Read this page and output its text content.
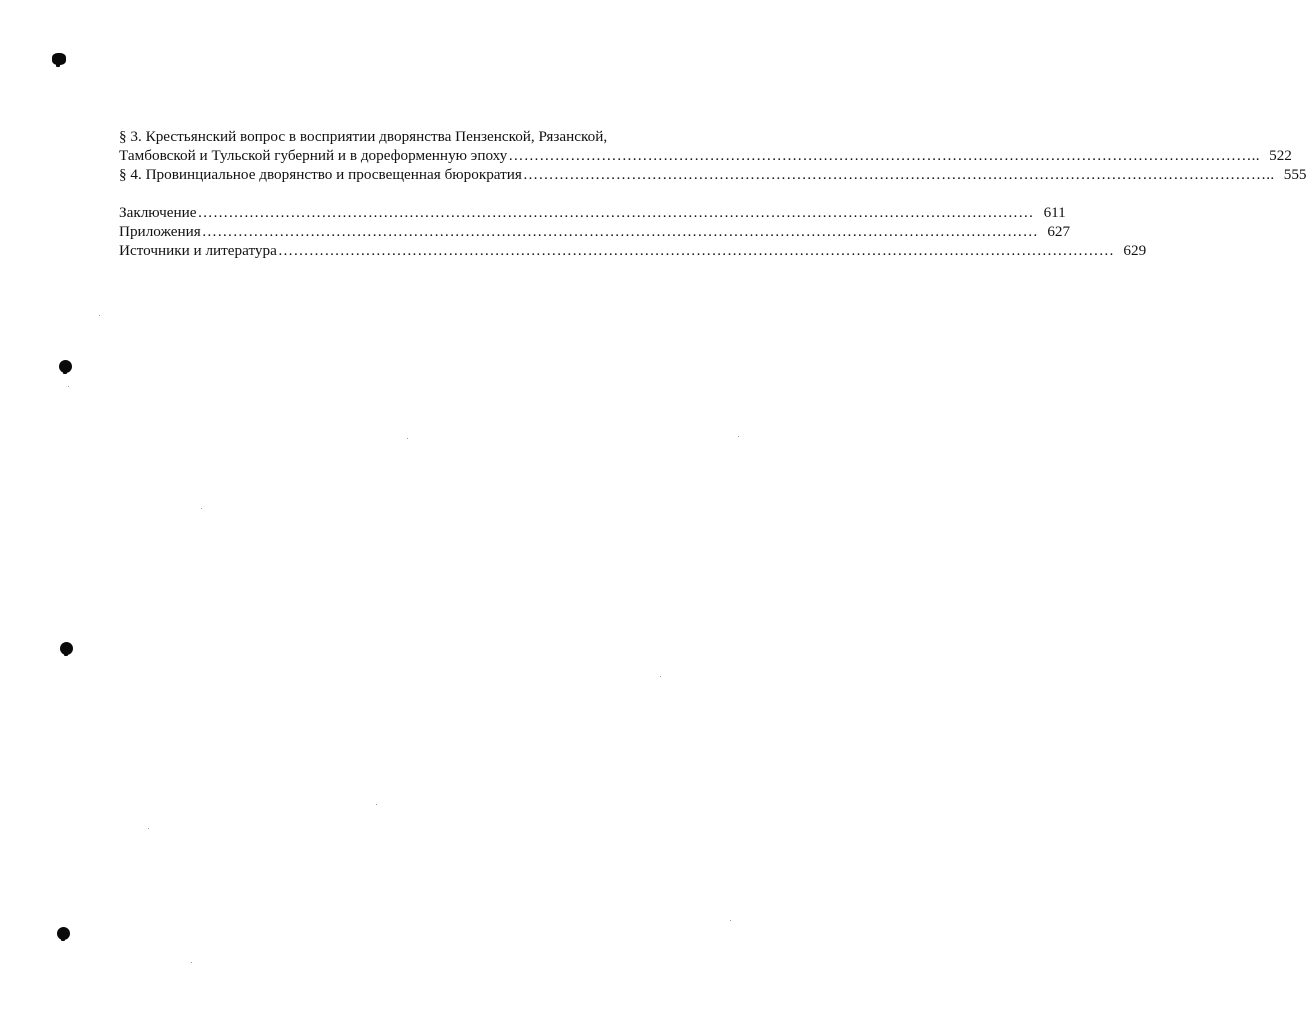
§ 3. Крестьянский вопрос в восприятии дворянства Пензенской, Рязанской,
Тамбовской и Тульской губерний и в дореформенную эпоху ……………………………………………………………………………………………………………………………….. 522
§ 4. Провинциальное дворянство и просвещенная бюрократия ……………………………………………………………………………………………………………………………….. 555
Заключение ……………………………………………………………………………………………………………………………………………… 611
Приложения ……………………………………………………………………………………………………………………………………………… 627
Источники и литература ……………………………………………………………………………………………………………………………………………… 629
